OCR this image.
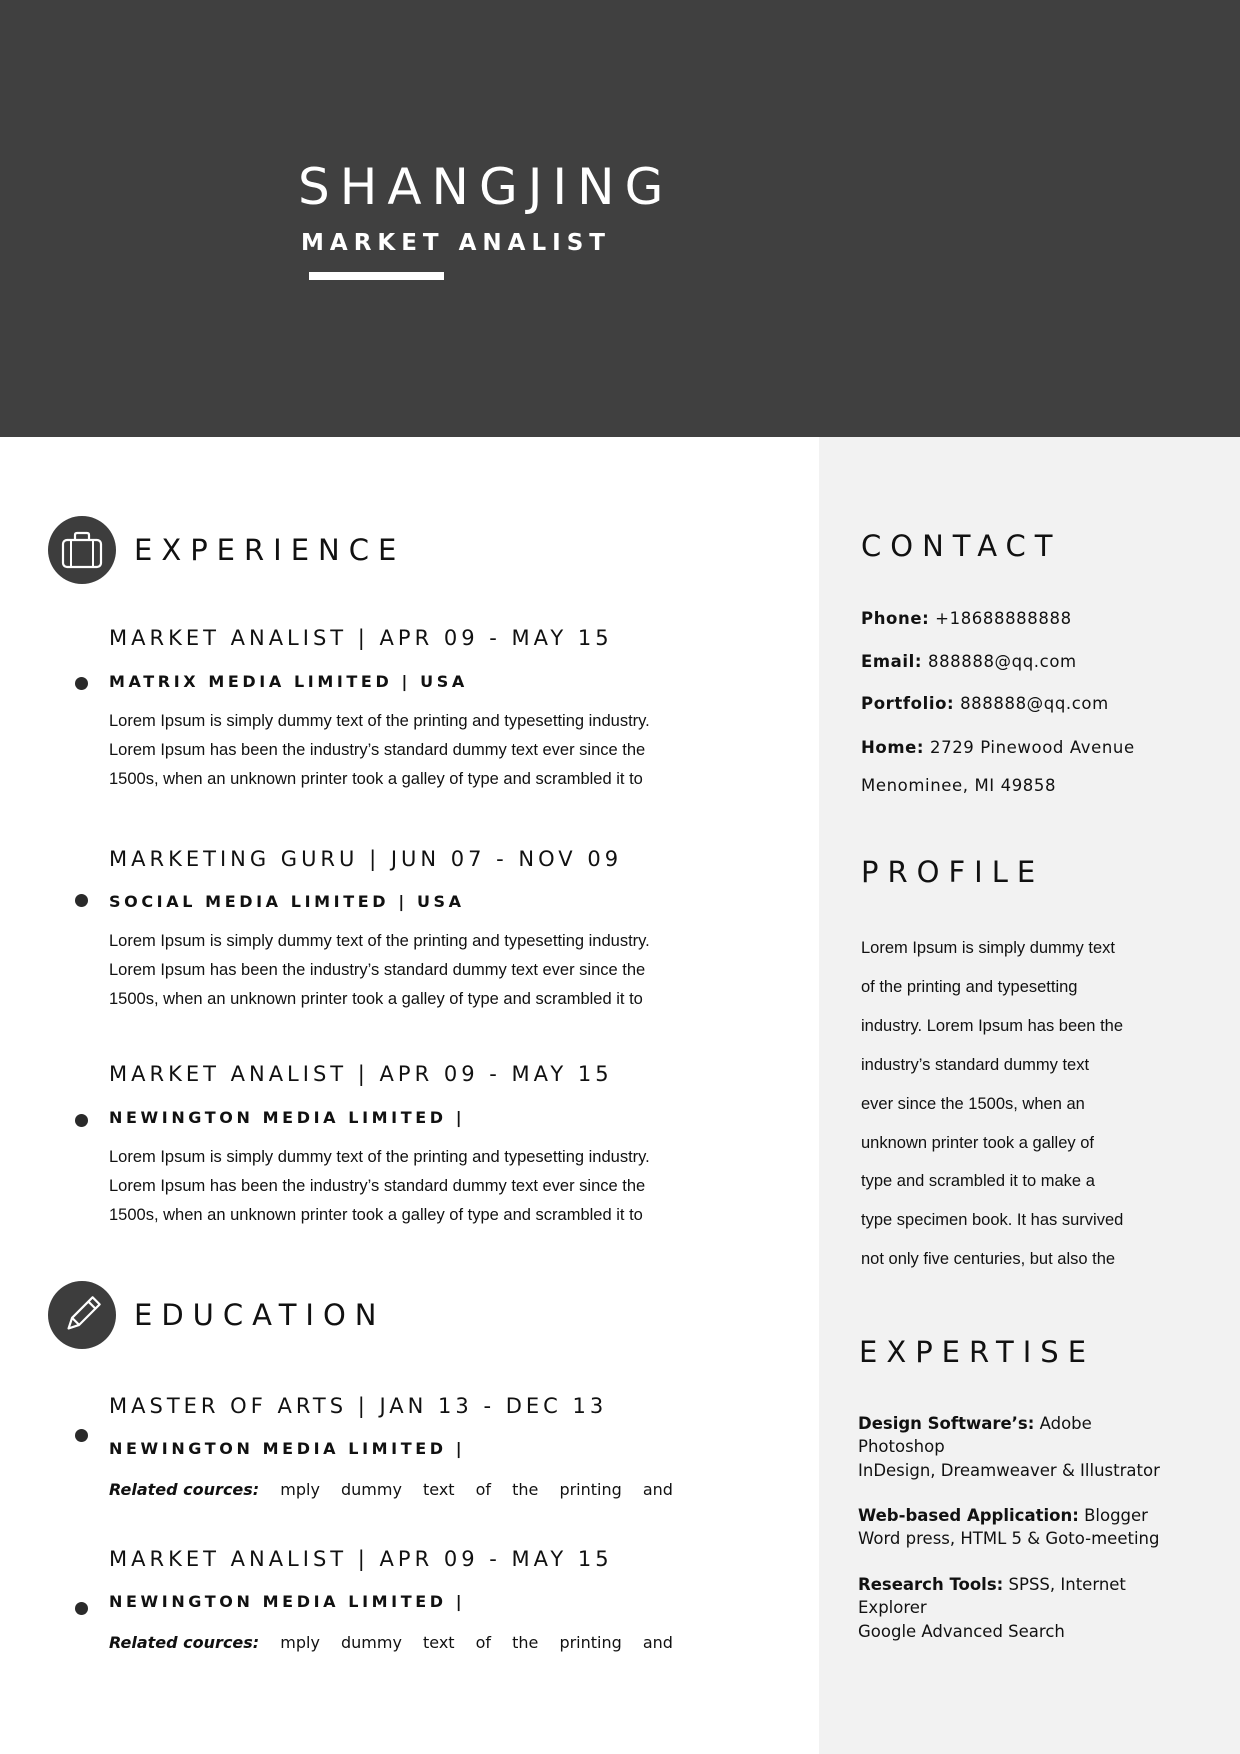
SHANGJING
MARKET ANALIST
EXPERIENCE
MARKET ANALIST | APR 09 - MAY 15
MATRIX MEDIA LIMITED | USA
Lorem Ipsum is simply dummy text of the printing and typesetting industry.
Lorem Ipsum has been the industry’s standard dummy text ever since the
1500s, when an unknown printer took a galley of type and scrambled it to
MARKETING GURU | JUN 07 - NOV 09
SOCIAL MEDIA LIMITED | USA
Lorem Ipsum is simply dummy text of the printing and typesetting industry.
Lorem Ipsum has been the industry’s standard dummy text ever since the
1500s, when an unknown printer took a galley of type and scrambled it to
MARKET ANALIST | APR 09 - MAY 15
NEWINGTON MEDIA LIMITED |
Lorem Ipsum is simply dummy text of the printing and typesetting industry.
Lorem Ipsum has been the industry’s standard dummy text ever since the
1500s, when an unknown printer took a galley of type and scrambled it to
EDUCATION
MASTER OF ARTS | JAN 13 - DEC 13
NEWINGTON MEDIA LIMITED |
Related cources: mply dummy text of the printing and
MARKET ANALIST | APR 09 - MAY 15
NEWINGTON MEDIA LIMITED |
Related cources: mply dummy text of the printing and
CONTACT
Phone: +18688888888
Email: 888888@qq.com
Portfolio: 888888@qq.com
Home: 2729 Pinewood Avenue
Menominee, MI 49858
PROFILE
Lorem Ipsum is simply dummy text
of the printing and typesetting
industry. Lorem Ipsum has been the
industry’s standard dummy text
ever since the 1500s, when an
unknown printer took a galley of
type and scrambled it to make a
type specimen book. It has survived
not only five centuries, but also the
EXPERTISE
Design Software’s: Adobe
Photoshop
InDesign, Dreamweaver & Illustrator
Web-based Application: Blogger
Word press, HTML 5 & Goto-meeting
Research Tools: SPSS, Internet
Explorer
Google Advanced Search
